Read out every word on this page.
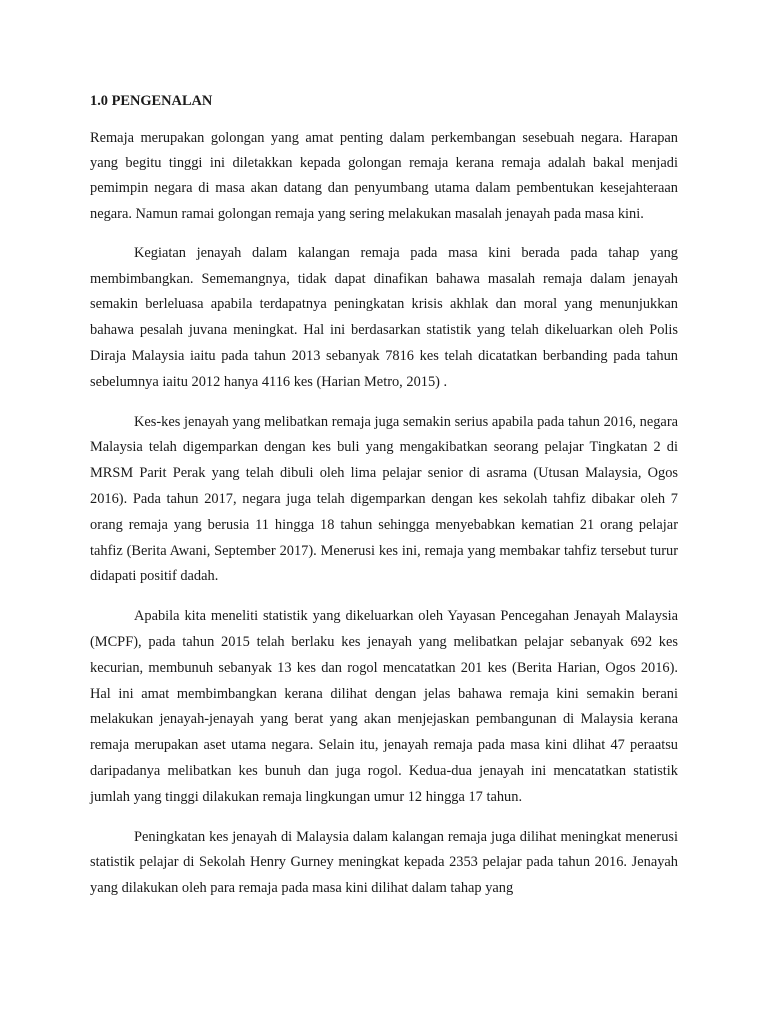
1.0 PENGENALAN

Remaja merupakan golongan yang amat penting dalam perkembangan sesebuah negara. Harapan yang begitu tinggi ini diletakkan kepada golongan remaja kerana remaja adalah bakal menjadi pemimpin negara di masa akan datang dan penyumbang utama dalam pembentukan kesejahteraan negara. Namun ramai golongan remaja yang sering melakukan masalah jenayah pada masa kini.

Kegiatan jenayah dalam kalangan remaja pada masa kini berada pada tahap yang membimbangkan. Sememangnya, tidak dapat dinafikan bahawa masalah remaja dalam jenayah semakin berleluasa apabila terdapatnya peningkatan krisis akhlak dan moral yang menunjukkan bahawa pesalah juvana meningkat. Hal ini berdasarkan statistik yang telah dikeluarkan oleh Polis Diraja Malaysia iaitu pada tahun 2013 sebanyak 7816 kes telah dicatatkan berbanding pada tahun sebelumnya iaitu 2012 hanya 4116 kes (Harian Metro, 2015) .

Kes-kes jenayah yang melibatkan remaja juga semakin serius apabila pada tahun 2016, negara Malaysia telah digemparkan dengan kes buli yang mengakibatkan seorang pelajar Tingkatan 2 di MRSM Parit Perak yang telah dibuli oleh lima pelajar senior di asrama (Utusan Malaysia, Ogos 2016). Pada tahun 2017, negara juga telah digemparkan dengan kes sekolah tahfiz dibakar oleh 7 orang remaja yang berusia 11 hingga 18 tahun sehingga menyebabkan kematian 21 orang pelajar tahfiz (Berita Awani, September 2017). Menerusi kes ini, remaja yang membakar tahfiz tersebut turur didapati positif dadah.

Apabila kita meneliti statistik yang dikeluarkan oleh Yayasan Pencegahan Jenayah Malaysia (MCPF), pada tahun 2015 telah berlaku kes jenayah yang melibatkan pelajar sebanyak 692 kes kecurian, membunuh sebanyak 13 kes dan rogol mencatatkan 201 kes (Berita Harian, Ogos 2016). Hal ini amat membimbangkan kerana dilihat dengan jelas bahawa remaja kini semakin berani melakukan jenayah-jenayah yang berat yang akan menjejaskan pembangunan di Malaysia kerana remaja merupakan aset utama negara. Selain itu, jenayah remaja pada masa kini dlihat 47 peraatsu daripadanya melibatkan kes bunuh dan juga rogol. Kedua-dua jenayah ini mencatatkan statistik jumlah yang tinggi dilakukan remaja lingkungan umur 12 hingga 17 tahun.

Peningkatan kes jenayah di Malaysia dalam kalangan remaja juga dilihat meningkat menerusi statistik pelajar di Sekolah Henry Gurney meningkat kepada 2353 pelajar pada tahun 2016. Jenayah yang dilakukan oleh para remaja pada masa kini dilihat dalam tahap yang
